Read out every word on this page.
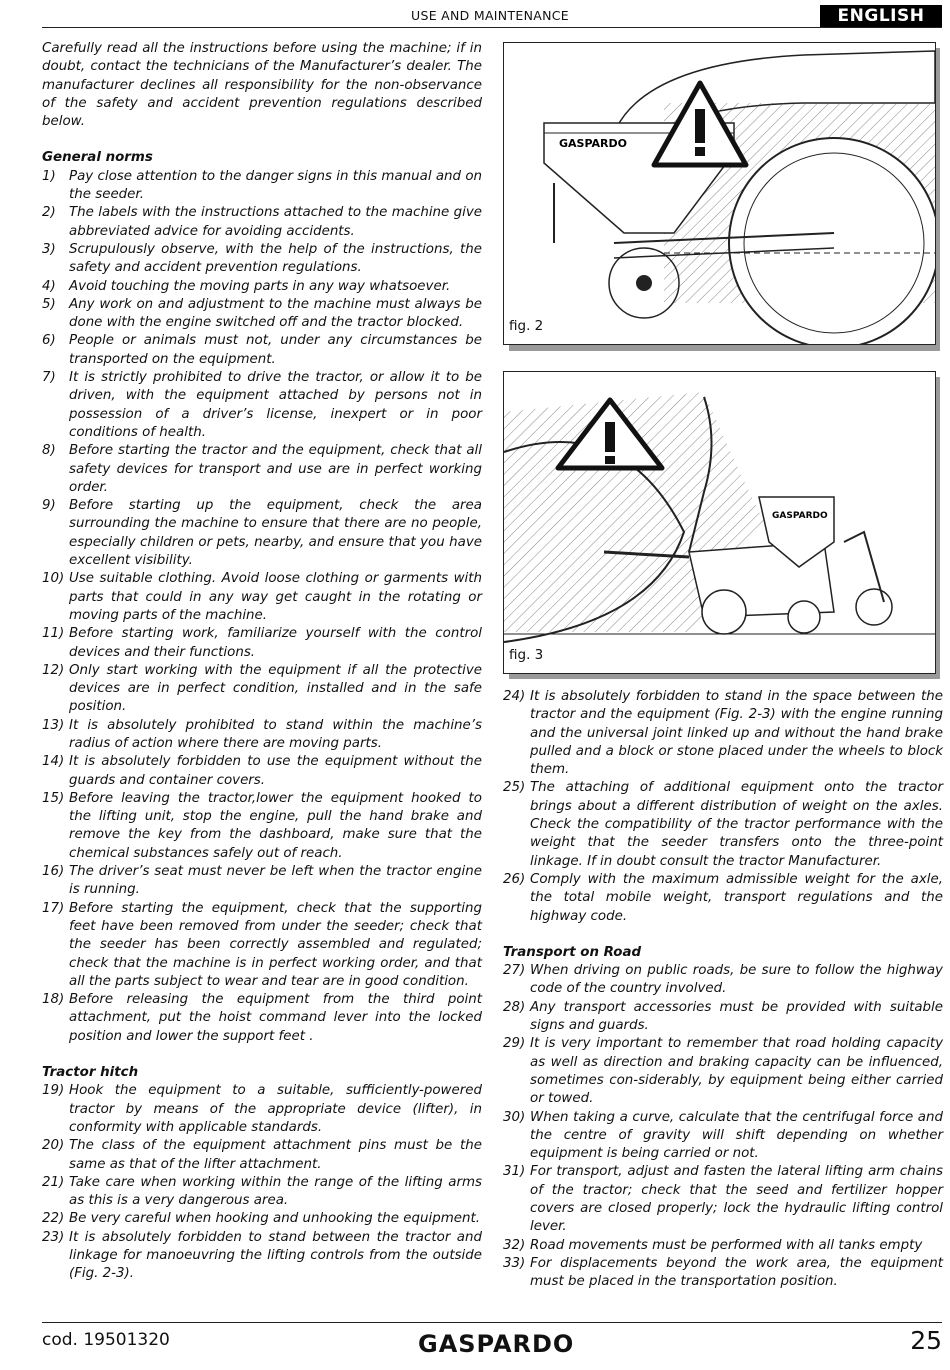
USE AND MAINTENANCE	ENGLISH

Carefully read all the instructions before using the machine; if in doubt, contact the technicians of the Manufacturer’s dealer. The manufacturer declines all responsibility for the non-observance of the safety and accident prevention regulations described below.

General norms
1) Pay close attention to the danger signs in this manual and on the seeder.
2) The labels with the instructions attached to the machine give abbreviated advice for avoiding accidents.
3) Scrupulously observe, with the help of the instructions, the safety and accident prevention regulations.
4) Avoid touching the moving parts in any way whatsoever.
5) Any work on and adjustment to the machine must always be done with the engine switched off and the tractor blocked.
6) People or animals must not, under any circumstances be transported on the equipment.
7) It is strictly prohibited to drive the tractor, or allow it to be driven, with the equipment attached by persons not in possession of a driver’s license, inexpert or in poor conditions of health.
8) Before starting the tractor and the equipment, check that all safety devices for transport and use are in perfect working order.
9) Before starting up the equipment, check the area surrounding the machine to ensure that there are no people, especially children or pets, nearby, and ensure that you have excellent visibility.
10) Use suitable clothing. Avoid loose clothing or garments with parts that could in any way get caught in the rotating or moving parts of the machine.
11) Before starting work, familiarize yourself with the control devices and their functions.
12) Only start working with the equipment if all the protective devices are in perfect condition, installed and in the safe position.
13) It is absolutely prohibited to stand within the machine’s radius of action where there are moving parts.
14) It is absolutely forbidden to use the equipment without the guards and container covers.
15) Before leaving the tractor,lower the equipment hooked to the lifting unit, stop the engine, pull the hand brake and remove the key from the dashboard, make sure that the chemical substances safely out of reach.
16) The driver’s seat must never be left when the tractor engine is running.
17) Before starting the equipment, check that the supporting feet have been removed from under the seeder; check that the seeder has been correctly assembled and regulated; check that the machine is in perfect working order, and that all the parts subject to wear and tear are in good condition.
18) Before releasing the equipment from the third point attachment, put the hoist command lever into the locked position and lower the support feet .
Tractor hitch
19) Hook the equipment to a suitable, sufficiently-powered tractor by means of the appropriate device (lifter), in conformity with applicable standards.
20) The class of the equipment attachment pins must be the same as that of the lifter attachment.
21) Take care when working within the range of the lifting arms as this is a very dangerous area.
22) Be very careful when hooking and unhooking the equipment.
23) It is absolutely forbidden to stand between the tractor and linkage for manoeuvring the lifting controls from the outside (Fig. 2-3).
GASPARDO
fig. 2
GASPARDO
fig. 3
24) It is absolutely forbidden to stand in the space between the tractor and the equipment (Fig. 2-3) with the engine running and the universal joint linked up and without the hand brake pulled and a block or stone placed under the wheels to block them.
25) The attaching of additional equipment onto the tractor brings about a different distribution of weight on the axles. Check the compatibility of the tractor performance with the weight that the seeder transfers onto the three-point linkage. If in doubt consult the tractor Manufacturer.
26) Comply with the maximum admissible weight for the axle, the total mobile weight, transport regulations and the highway code.
Transport on Road
27) When driving on public roads, be sure to follow the highway code of the country involved.
28) Any transport accessories must be provided with suitable signs and guards.
29) It is very important to remember that road holding capacity as well as direction and braking capacity can be influenced, sometimes con-siderably, by equipment being either carried or towed.
30) When taking a curve, calculate that the centrifugal force and the centre of gravity will shift depending on whether equipment is being carried or not.
31) For transport, adjust and fasten the lateral lifting arm chains of the tractor; check that the seed and fertilizer hopper covers are closed properly; lock the hydraulic lifting control lever.
32) Road movements must be performed with all tanks empty
33) For displacements beyond the work area, the equipment must be placed in the transportation position.
cod. 19501320	GASPARDO	25
